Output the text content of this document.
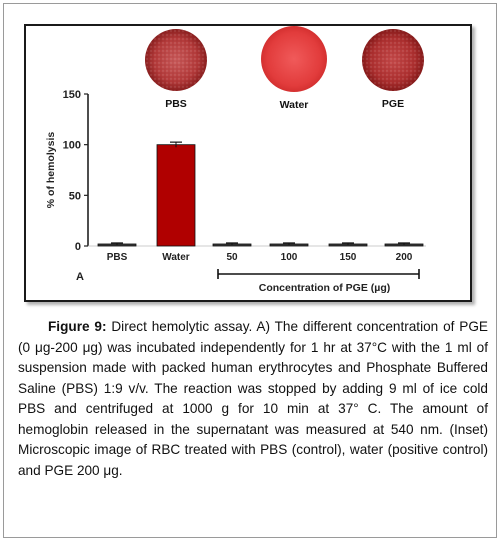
0
50
100
150
% of hemolysis
PBS	Water	50	100	150	200
A
Concentration of PGE (µg)
PBS	Water	PGE
Figure 9: Direct hemolytic assay. A) The different concentration of PGE (0 μg-200 μg) was incubated independently for 1 hr at 37°C with the 1 ml of suspension made with packed human erythrocytes and Phosphate Buffered Saline (PBS) 1:9 v/v. The reaction was stopped by adding 9 ml of ice cold PBS and centrifuged at 1000 g for 10 min at 37° C. The amount of hemoglobin released in the supernatant was measured at 540 nm. (Inset) Microscopic image of RBC treated with PBS (control), water (positive control) and PGE 200 μg.
